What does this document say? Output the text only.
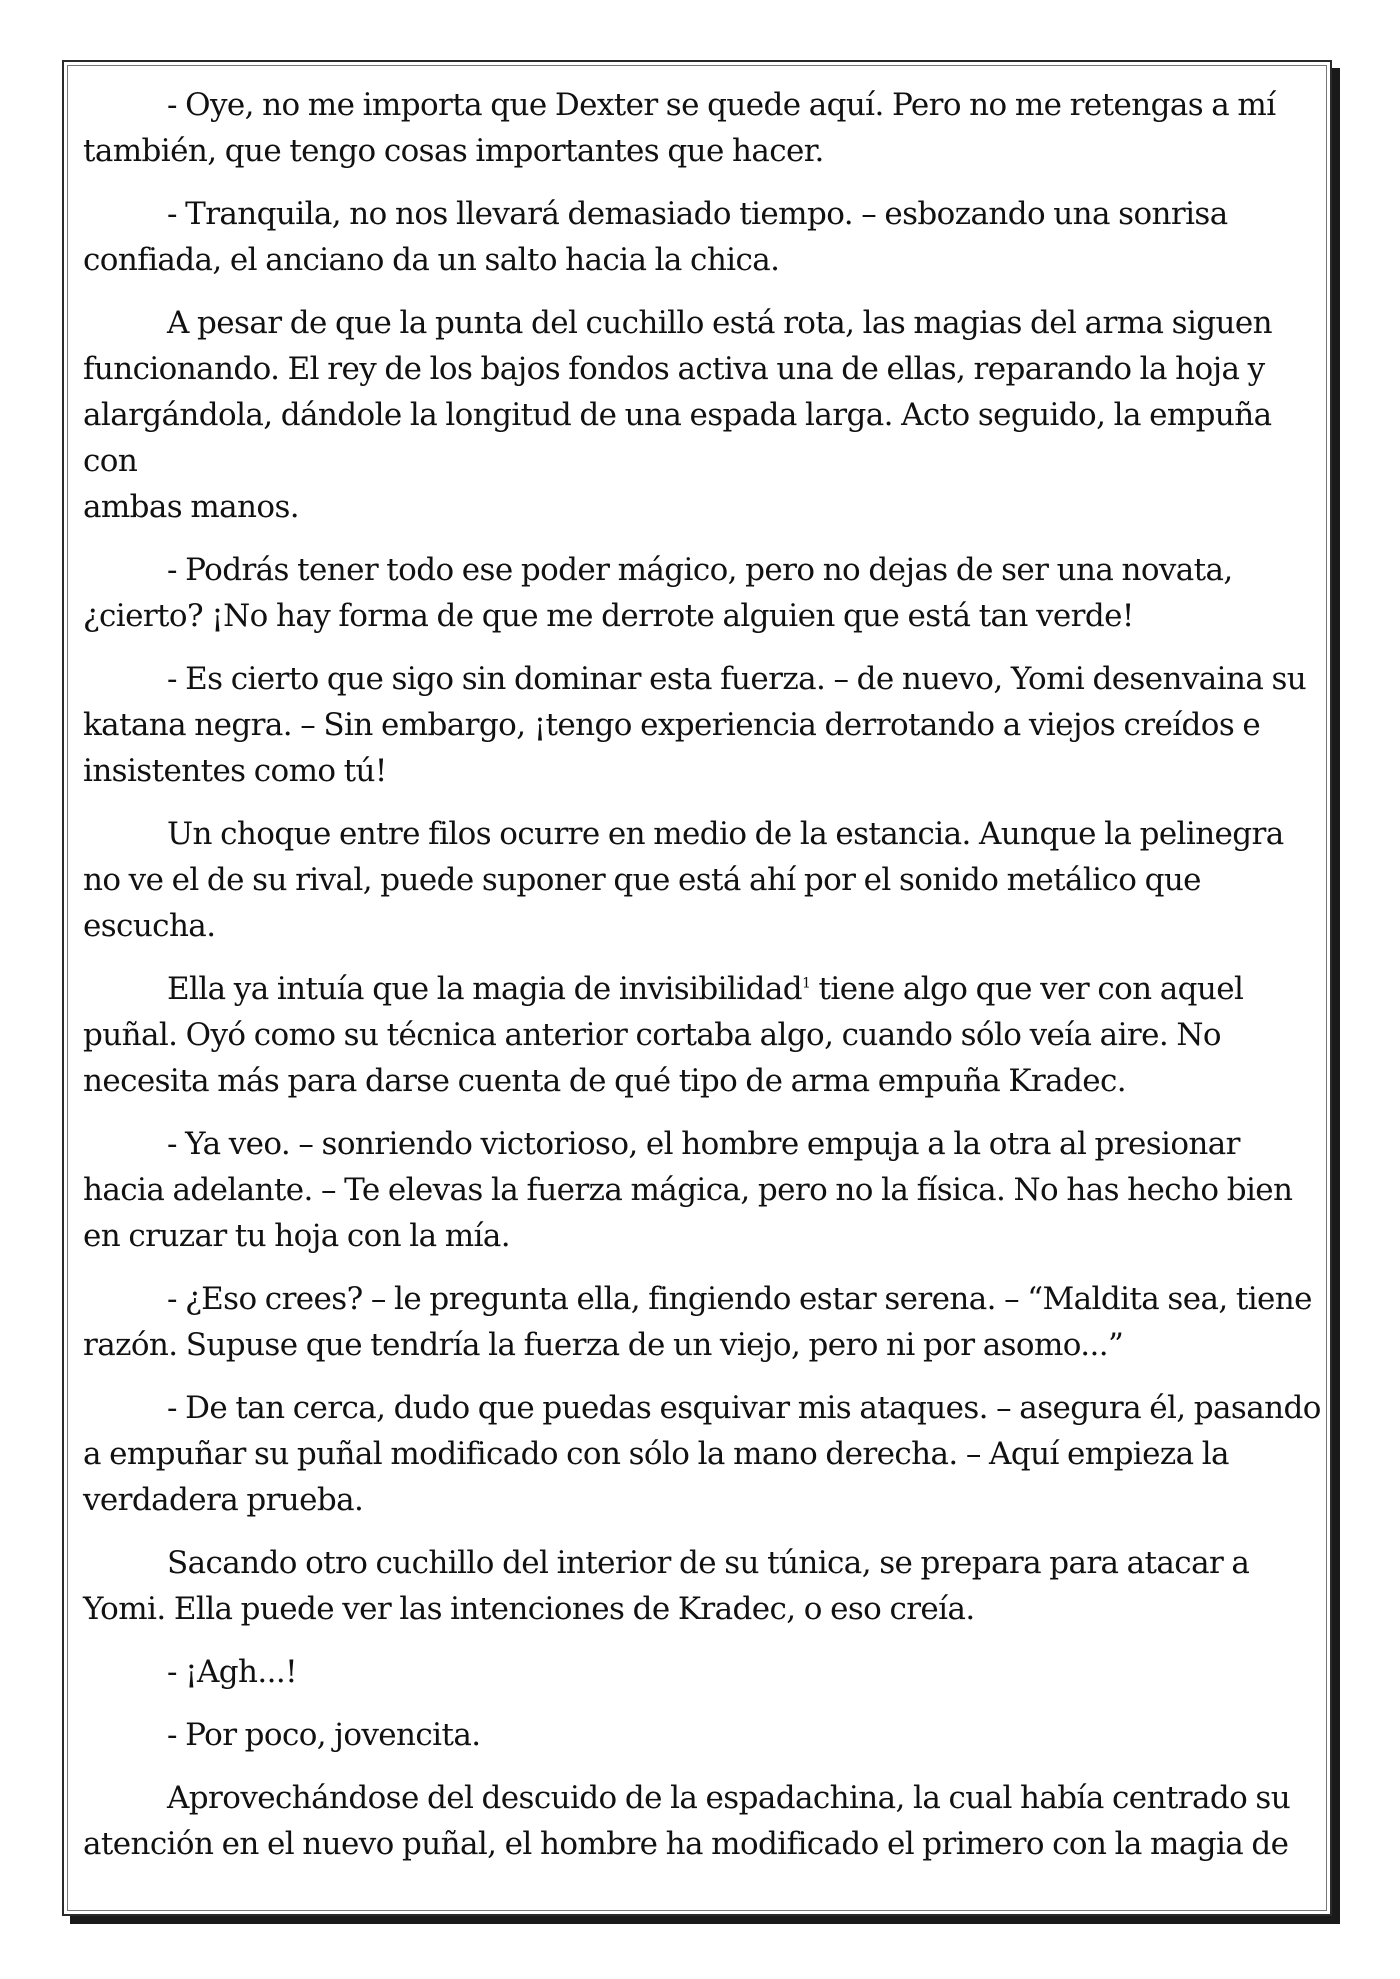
- Oye, no me importa que Dexter se quede aquí. Pero no me retengas a mí
también, que tengo cosas importantes que hacer.

- Tranquila, no nos llevará demasiado tiempo. – esbozando una sonrisa
confiada, el anciano da un salto hacia la chica.

A pesar de que la punta del cuchillo está rota, las magias del arma siguen
funcionando. El rey de los bajos fondos activa una de ellas, reparando la hoja y
alargándola, dándole la longitud de una espada larga. Acto seguido, la empuña con
ambas manos.

- Podrás tener todo ese poder mágico, pero no dejas de ser una novata,
¿cierto? ¡No hay forma de que me derrote alguien que está tan verde!

- Es cierto que sigo sin dominar esta fuerza. – de nuevo, Yomi desenvaina su
katana negra. – Sin embargo, ¡tengo experiencia derrotando a viejos creídos e
insistentes como tú!

Un choque entre filos ocurre en medio de la estancia. Aunque la pelinegra
no ve el de su rival, puede suponer que está ahí por el sonido metálico que
escucha.

Ella ya intuía que la magia de invisibilidad$^1$ tiene algo que ver con aquel
puñal. Oyó como su técnica anterior cortaba algo, cuando sólo veía aire. No
necesita más para darse cuenta de qué tipo de arma empuña Kradec.

- Ya veo. – sonriendo victorioso, el hombre empuja a la otra al presionar
hacia adelante. – Te elevas la fuerza mágica, pero no la física. No has hecho bien
en cruzar tu hoja con la mía.

- ¿Eso crees? – le pregunta ella, fingiendo estar serena. – “Maldita sea, tiene
razón. Supuse que tendría la fuerza de un viejo, pero ni por asomo...”

- De tan cerca, dudo que puedas esquivar mis ataques. – asegura él, pasando
a empuñar su puñal modificado con sólo la mano derecha. – Aquí empieza la
verdadera prueba.

Sacando otro cuchillo del interior de su túnica, se prepara para atacar a
Yomi. Ella puede ver las intenciones de Kradec, o eso creía.

- ¡Agh...!

- Por poco, jovencita.

Aprovechándose del descuido de la espadachina, la cual había centrado su
atención en el nuevo puñal, el hombre ha modificado el primero con la magia de
